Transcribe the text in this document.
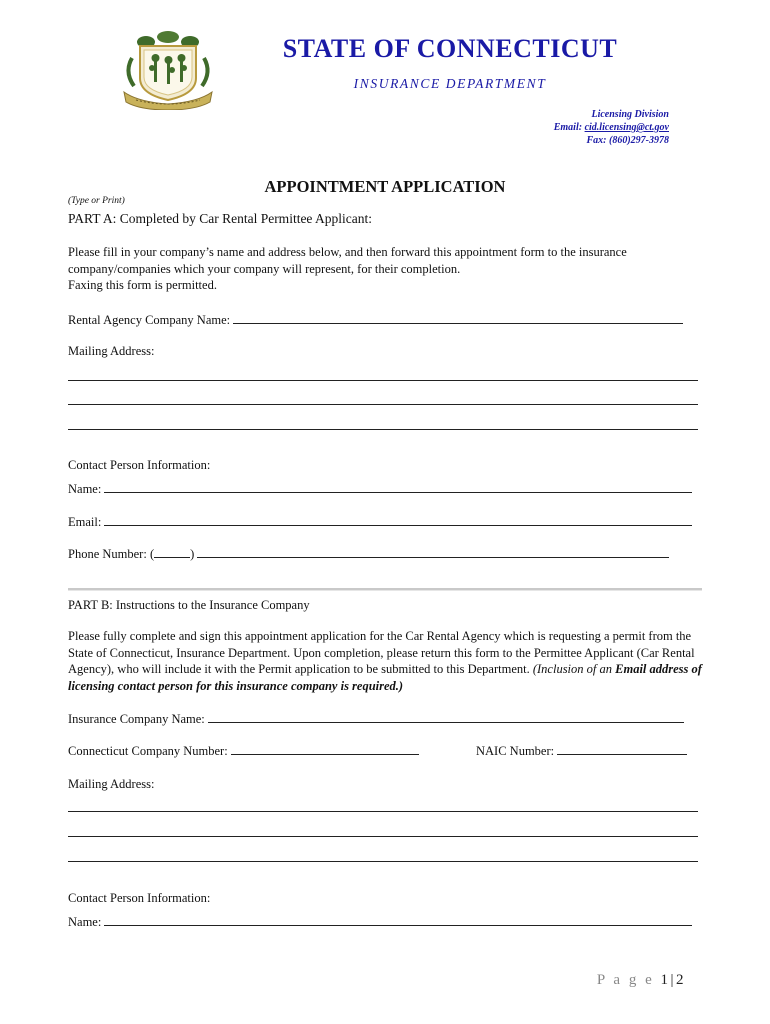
STATE OF CONNECTICUT
INSURANCE DEPARTMENT
Licensing Division
Email: cid.licensing@ct.gov
Fax: (860)297-3978
APPOINTMENT APPLICATION
(Type or Print)
PART A: Completed by Car Rental Permittee Applicant:
Please fill in your company’s name and address below, and then forward this appointment form to the insurance company/companies which your company will represent, for their completion.
Faxing this form is permitted.
Rental Agency Company Name:
Mailing Address:
Contact Person Information:
Name:
Email:
Phone Number: (	)
PART B: Instructions to the Insurance Company
Please fully complete and sign this appointment application for the Car Rental Agency which is requesting a permit from the State of Connecticut, Insurance Department. Upon completion, please return this form to the Permittee Applicant (Car Rental Agency), who will include it with the Permit application to be submitted to this Department. (Inclusion of an Email address of licensing contact person for this insurance company is required.)
Insurance Company Name:
Connecticut Company Number:	NAIC Number:
Mailing Address:
Contact Person Information:
Name:
P a g e 1|2
